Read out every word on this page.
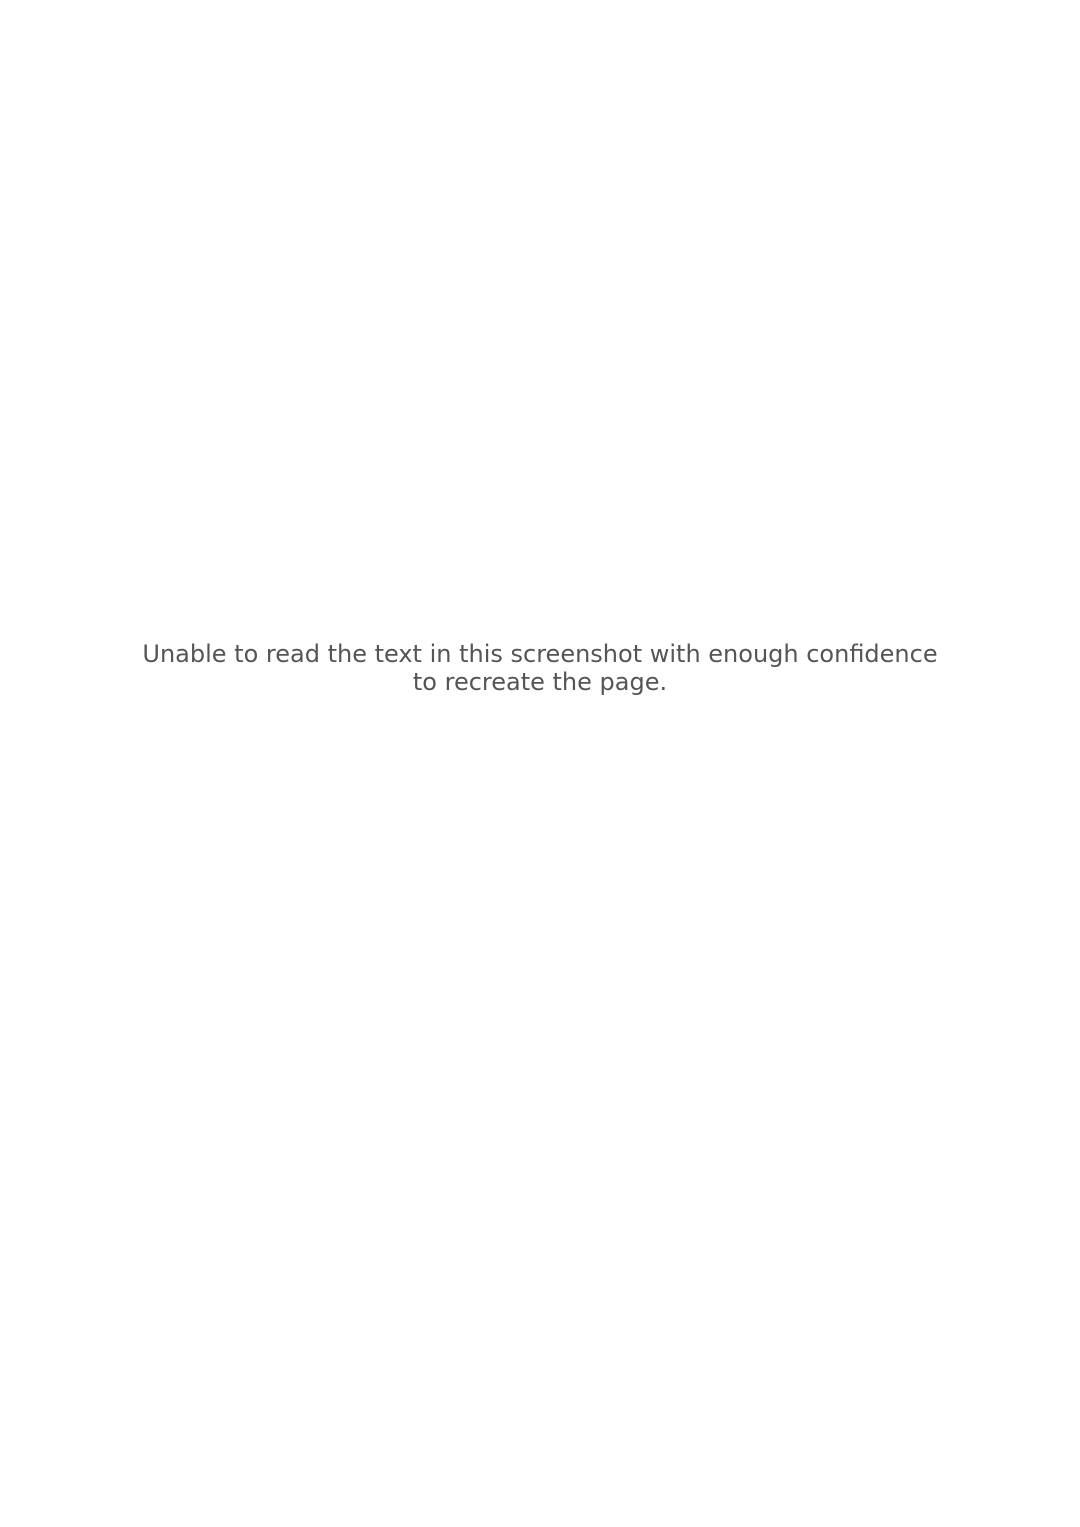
Unable to read the text in this screenshot with enough confidence to recreate the page.
